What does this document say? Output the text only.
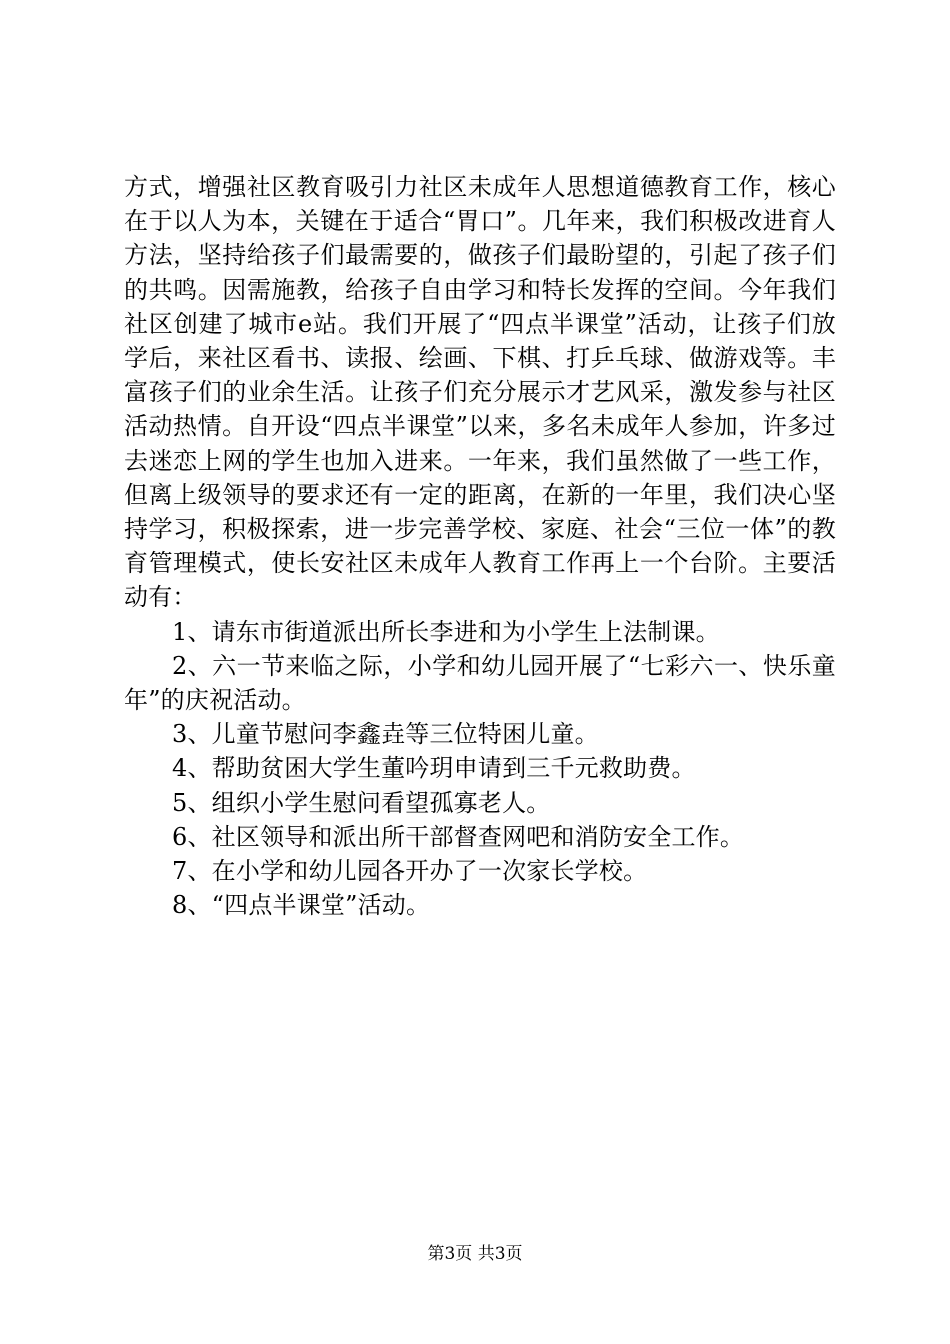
方式，增强社区教育吸引力社区未成年人思想道德教育工作，核心在于以人为本，关键在于适合“胃口”。几年来，我们积极改进育人方法，坚持给孩子们最需要的，做孩子们最盼望的，引起了孩子们的共鸣。因需施教，给孩子自由学习和特长发挥的空间。今年我们社区创建了城市e站。我们开展了“四点半课堂”活动，让孩子们放学后，来社区看书、读报、绘画、下棋、打乒乓球、做游戏等。丰富孩子们的业余生活。让孩子们充分展示才艺风采，激发参与社区活动热情。自开设“四点半课堂”以来，多名未成年人参加，许多过去迷恋上网的学生也加入进来。一年来，我们虽然做了一些工作，但离上级领导的要求还有一定的距离，在新的一年里，我们决心坚持学习，积极探索，进一步完善学校、家庭、社会“三位一体”的教育管理模式，使长安社区未成年人教育工作再上一个台阶。主要活动有：

1、请东市街道派出所长李进和为小学生上法制课。

2、六一节来临之际，小学和幼儿园开展了“七彩六一、快乐童年”的庆祝活动。

3、儿童节慰问李鑫垚等三位特困儿童。

4、帮助贫困大学生董吟玥申请到三千元救助费。

5、组织小学生慰问看望孤寡老人。

6、社区领导和派出所干部督查网吧和消防安全工作。

7、在小学和幼儿园各开办了一次家长学校。

8、“四点半课堂”活动。

第3页 共3页
